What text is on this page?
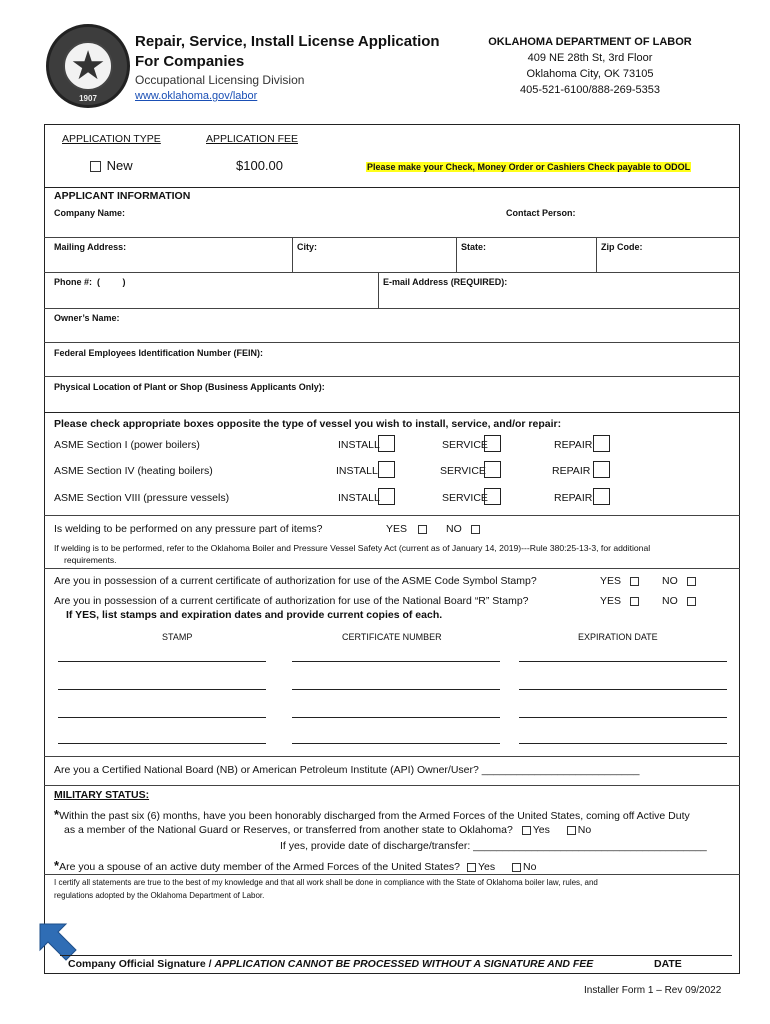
★
1907
Repair, Service, Install License Application
For Companies
Occupational Licensing Division
www.oklahoma.gov/labor
OKLAHOMA DEPARTMENT OF LABOR
409 NE 28th St, 3rd Floor
Oklahoma City, OK 73105
405-521-6100/888-269-5353
APPLICATION TYPE	APPLICATION FEE
New	$100.00	Please make your Check, Money Order or Cashiers Check payable to ODOL
APPLICANT INFORMATION
Company Name:	Contact Person:
Mailing Address:	City:	State:	Zip Code:
Phone #:  (         )	E-mail Address (REQUIRED):
Owner’s Name:
Federal Employees Identification Number (FEIN):
Physical Location of Plant or Shop (Business Applicants Only):
Please check appropriate boxes opposite the type of vessel you wish to install, service, and/or repair:
ASME Section I (power boilers)	INSTALL	SERVICE	REPAIR
ASME Section IV (heating boilers)	INSTALL	SERVICE	REPAIR
ASME Section VIII (pressure vessels)	INSTALL	SERVICE	REPAIR
Is welding to be performed on any pressure part of items?	YES	NO
If welding is to be performed, refer to the Oklahoma Boiler and Pressure Vessel Safety Act (current as of January 14, 2019)---Rule 380:25-13-3, for additional
requirements.
Are you in possession of a current certificate of authorization for use of the ASME Code Symbol Stamp?	YES	NO
Are you in possession of a current certificate of authorization for use of the National Board “R” Stamp?	YES	NO
If YES, list stamps and expiration dates and provide current copies of each.
STAMP	CERTIFICATE NUMBER	EXPIRATION DATE
Are you a Certified National Board (NB) or American Petroleum Institute (API) Owner/User? ___________________________
MILITARY STATUS:
*Within the past six (6) months, have you been honorably discharged from the Armed Forces of the United States, coming off Active Duty
as a member of the National Guard or Reserves, or transferred from another state to Oklahoma? Yes	No
If yes, provide date of discharge/transfer: ________________________________________
*Are you a spouse of an active duty member of the Armed Forces of the United States? Yes	No
I certify all statements are true to the best of my knowledge and that all work shall be done in compliance with the State of Oklahoma boiler law, rules, and
regulations adopted by the Oklahoma Department of Labor.
Company Official Signature / APPLICATION CANNOT BE PROCESSED WITHOUT A SIGNATURE AND FEE	DATE
Installer Form 1 – Rev 09/2022
